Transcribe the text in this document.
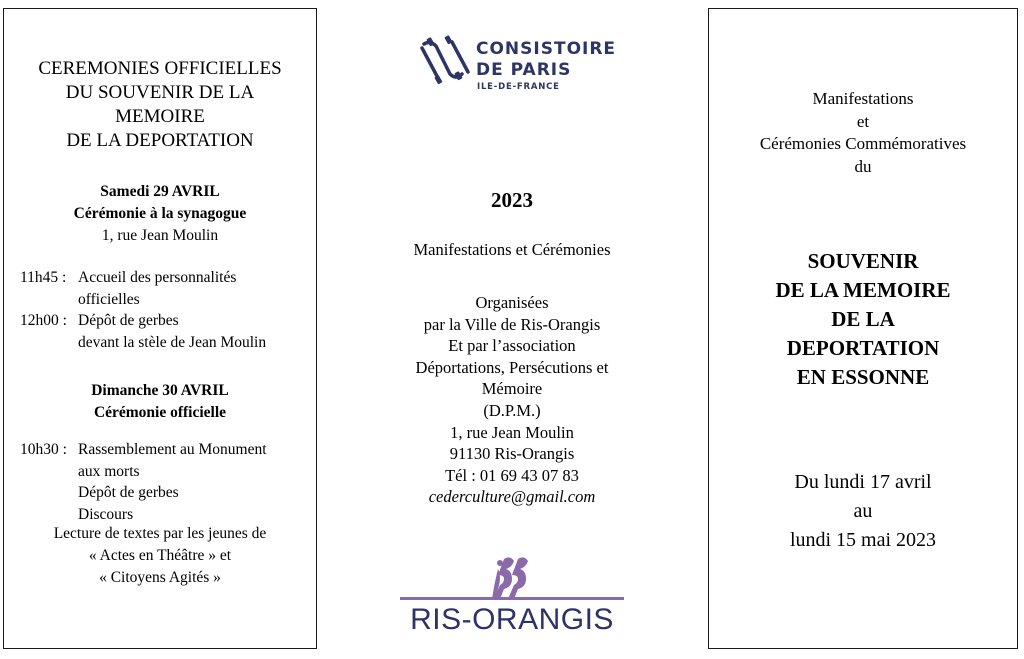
CEREMONIES OFFICIELLES
DU SOUVENIR DE LA
MEMOIRE
DE LA DEPORTATION
Samedi 29 AVRIL
Cérémonie à la synagogue
1, rue Jean Moulin
11h45 : Accueil des personnalités
officielles
12h00 : Dépôt de gerbes
devant la stèle de Jean Moulin
Dimanche 30 AVRIL
Cérémonie officielle
10h30 : Rassemblement au Monument
aux morts
Dépôt de gerbes
Discours
Lecture de textes par les jeunes de
« Actes en Théâtre » et
« Citoyens Agités »
CONSISTOIRE
DE PARIS
ILE-DE-FRANCE
2023
Manifestations et Cérémonies
Organisées
par la Ville de Ris-Orangis
Et par l’association
Déportations, Persécutions et
Mémoire
(D.P.M.)
1, rue Jean Moulin
91130 Ris-Orangis
Tél : 01 69 43 07 83
cederculture@gmail.com
RIS-ORANGIS
Manifestations
et
Cérémonies Commémoratives
du
SOUVENIR
DE LA MEMOIRE
DE LA
DEPORTATION
EN ESSONNE
Du lundi 17 avril
au
lundi 15 mai 2023
